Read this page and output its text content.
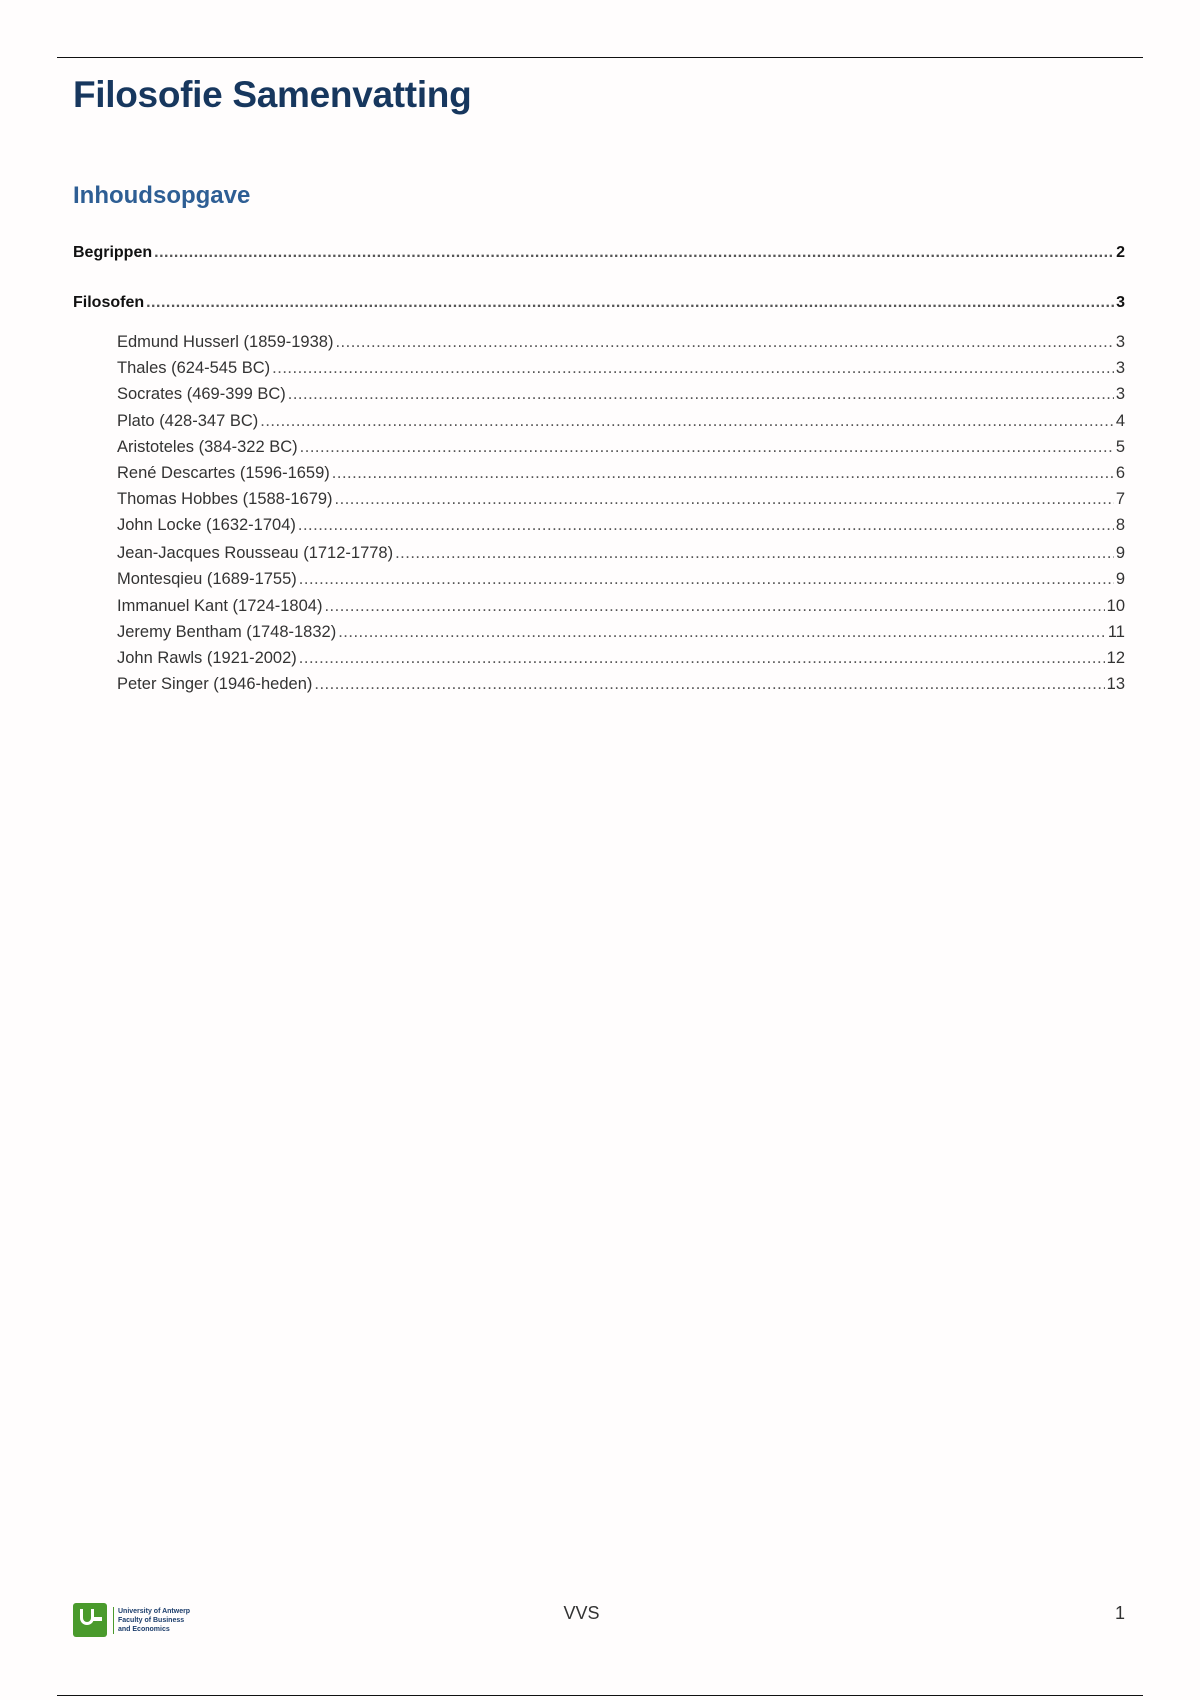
Filosofie Samenvatting
Inhoudsopgave
Begrippen .....	2
Filosofen .....	3
Edmund Husserl (1859-1938) .....	3
Thales (624-545 BC) .....	3
Socrates (469-399 BC) .....	3
Plato (428-347 BC) .....	4
Aristoteles (384-322 BC) .....	5
René Descartes (1596-1659) .....	6
Thomas Hobbes (1588-1679) .....	7
John Locke (1632-1704) .....	8
Jean-Jacques Rousseau (1712-1778) .....	9
Montesqieu (1689-1755) .....	9
Immanuel Kant (1724-1804) .....	10
Jeremy Bentham (1748-1832) .....	11
John Rawls (1921-2002) .....	12
Peter Singer (1946-heden) .....	13
University of Antwerp
Faculty of Business
and Economics
VVS	1
